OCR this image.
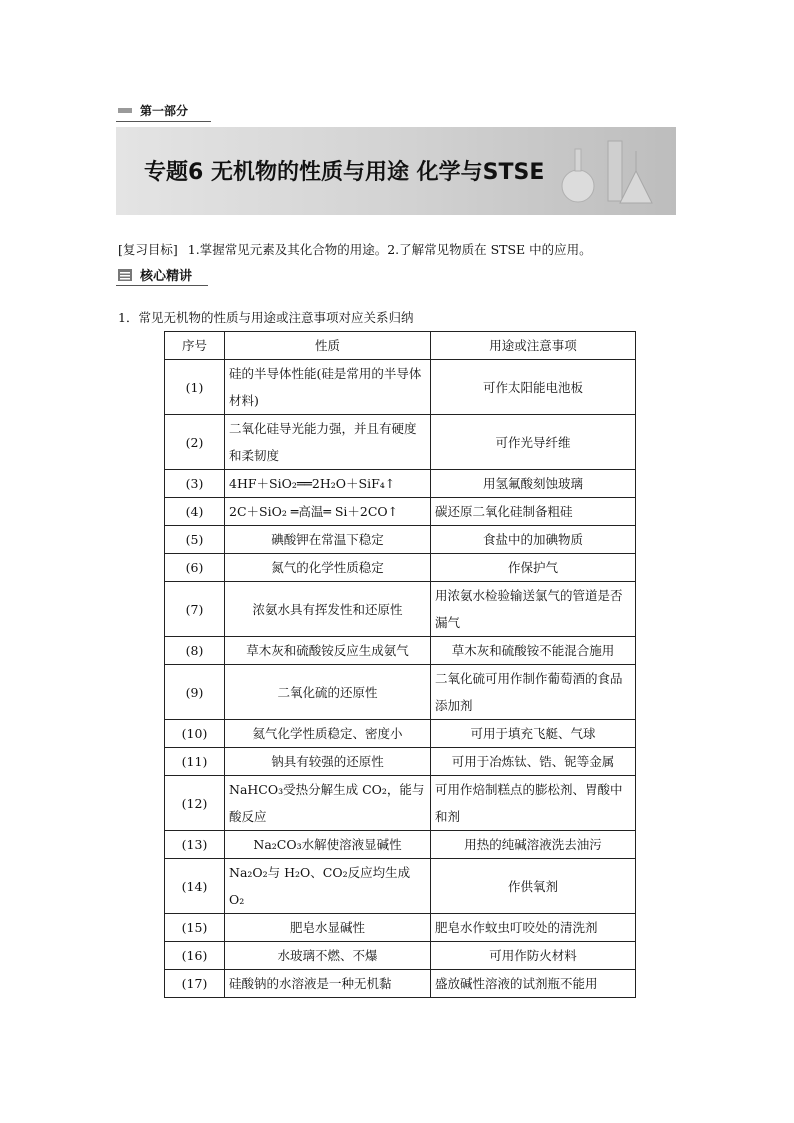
第一部分
专题6 无机物的性质与用途 化学与STSE
[复习目标] 1.掌握常见元素及其化合物的用途。2.了解常见物质在 STSE 中的应用。
核心精讲
1．常见无机物的性质与用途或注意事项对应关系归纳
序号	性质	用途或注意事项
(1)	硅的半导体性能(硅是常用的半导体材料)	可作太阳能电池板
(2)	二氧化硅导光能力强，并且有硬度和柔韧度	可作光导纤维
(3)	4HF＋SiO₂══2H₂O＋SiF₄↑	用氢氟酸刻蚀玻璃
(4)	2C＋SiO₂ ═高温═ Si＋2CO↑	碳还原二氧化硅制备粗硅
(5)	碘酸钾在常温下稳定	食盐中的加碘物质
(6)	氮气的化学性质稳定	作保护气
(7)	浓氨水具有挥发性和还原性	用浓氨水检验输送氯气的管道是否漏气
(8)	草木灰和硫酸铵反应生成氨气	草木灰和硫酸铵不能混合施用
(9)	二氧化硫的还原性	二氧化硫可用作制作葡萄酒的食品添加剂
(10)	氦气化学性质稳定、密度小	可用于填充飞艇、气球
(11)	钠具有较强的还原性	可用于冶炼钛、锆、铌等金属
(12)	NaHCO₃受热分解生成 CO₂，能与酸反应	可用作焙制糕点的膨松剂、胃酸中和剂
(13)	Na₂CO₃水解使溶液显碱性	用热的纯碱溶液洗去油污
(14)	Na₂O₂与 H₂O、CO₂反应均生成 O₂	作供氧剂
(15)	肥皂水显碱性	肥皂水作蚊虫叮咬处的清洗剂
(16)	水玻璃不燃、不爆	可用作防火材料
(17)	硅酸钠的水溶液是一种无机黏	盛放碱性溶液的试剂瓶不能用
